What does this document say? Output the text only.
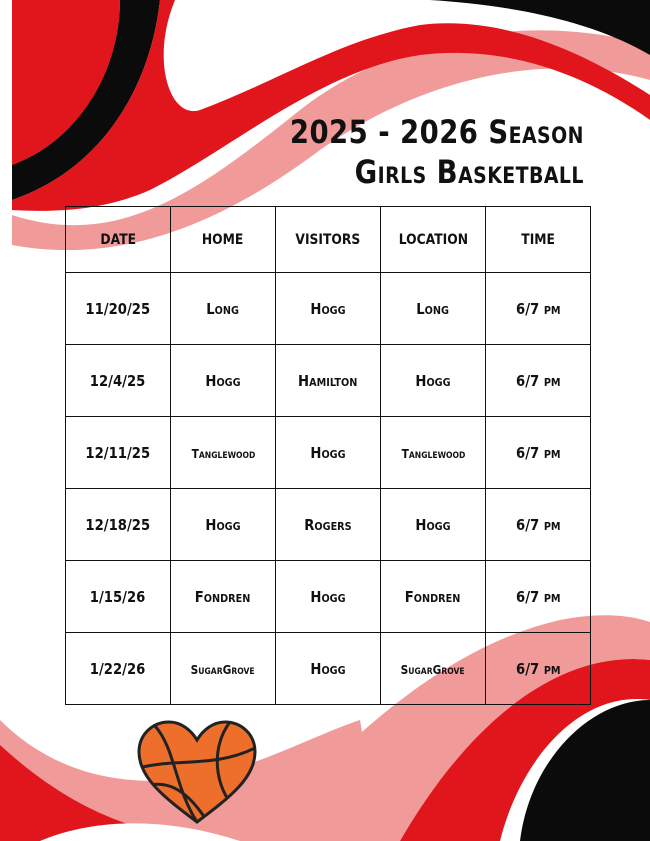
2025 - 2026 Season
Girls Basketball
DATE	HOME	VISITORS	LOCATION	TIME
11/20/25	Long	Hogg	Long	6/7 pm
12/4/25	Hogg	Hamilton	Hogg	6/7 pm
12/11/25	Tanglewood	Hogg	Tanglewood	6/7 pm
12/18/25	Hogg	Rogers	Hogg	6/7 pm
1/15/26	Fondren	Hogg	Fondren	6/7 pm
1/22/26	SugarGrove	Hogg	SugarGrove	6/7 pm
